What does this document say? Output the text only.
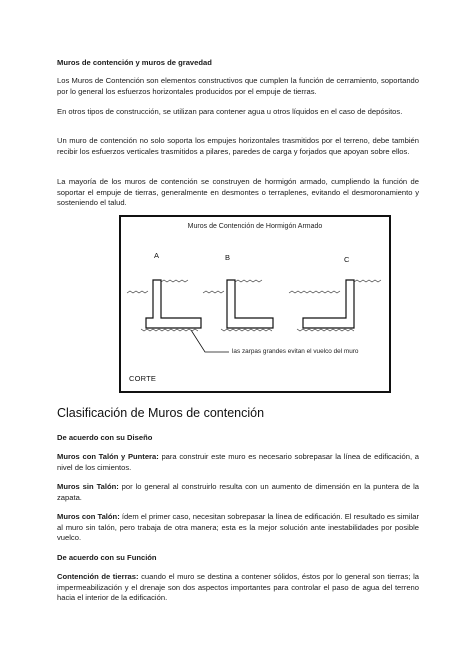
Muros de contención y muros de gravedad

Los Muros de Contención son elementos constructivos que cumplen la función de cerramiento, soportando por lo general los esfuerzos horizontales producidos por el empuje de tierras.

En otros tipos de construcción, se utilizan para contener agua u otros líquidos en el caso de depósitos.

Un muro de contención no solo soporta los empujes horizontales trasmitidos por el terreno, debe también recibir los esfuerzos verticales trasmitidos a pilares, paredes de carga y forjados que apoyan sobre ellos.

La mayoría de los muros de contención se construyen de hormigón armado, cumpliendo la función de soportar el empuje de tierras, generalmente en desmontes o terraplenes, evitando el desmoronamiento y sosteniendo el talud.

Muros de Contención de Hormigón Armado
A	B	C
las zarpas grandes evitan el vuelco del muro
CORTE

Clasificación de Muros de contención

De acuerdo con su Diseño

Muros con Talón y Puntera: para construir este muro es necesario sobrepasar la línea de edificación, a nivel de los cimientos.

Muros sin Talón: por lo general al construirlo resulta con un aumento de dimensión en la puntera de la zapata.

Muros con Talón: ídem el primer caso, necesitan sobrepasar la línea de edificación. El resultado es similar al muro sin talón, pero trabaja de otra manera; esta es la mejor solución ante inestabilidades por posible vuelco.

De acuerdo con su Función

Contención de tierras: cuando el muro se destina a contener sólidos, éstos por lo general son tierras; la impermeabilización y el drenaje son dos aspectos importantes para controlar el paso de agua del terreno hacia el interior de la edificación.
